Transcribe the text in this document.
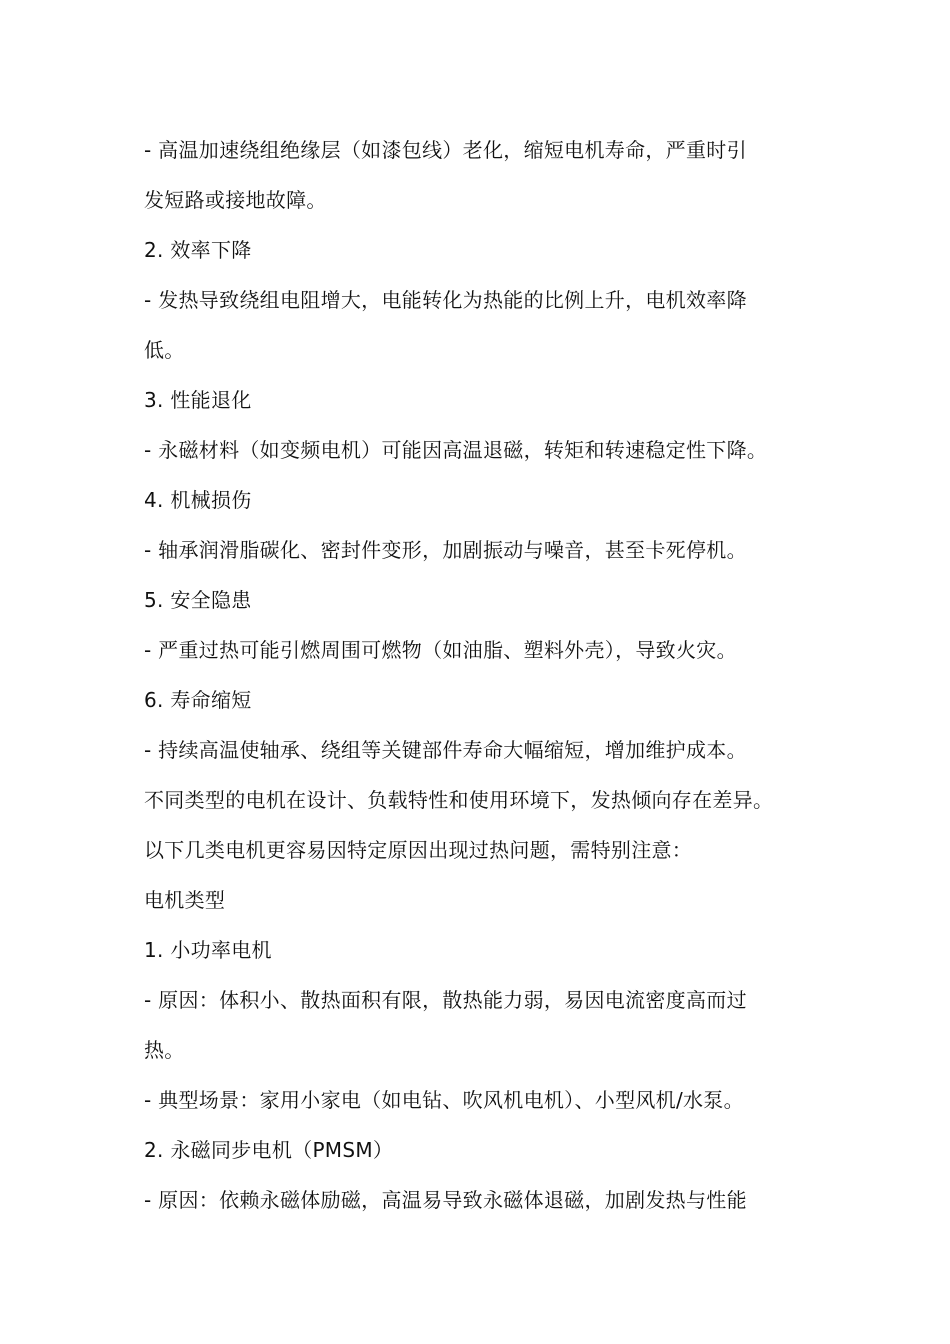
- 高温加速绕组绝缘层（如漆包线）老化，缩短电机寿命，严重时引
发短路或接地故障。
2. 效率下降
- 发热导致绕组电阻增大，电能转化为热能的比例上升，电机效率降
低。
3. 性能退化
- 永磁材料（如变频电机）可能因高温退磁，转矩和转速稳定性下降。
4. 机械损伤
- 轴承润滑脂碳化、密封件变形，加剧振动与噪音，甚至卡死停机。
5. 安全隐患
- 严重过热可能引燃周围可燃物（如油脂、塑料外壳），导致火灾。
6. 寿命缩短
- 持续高温使轴承、绕组等关键部件寿命大幅缩短，增加维护成本。
不同类型的电机在设计、负载特性和使用环境下，发热倾向存在差异。
以下几类电机更容易因特定原因出现过热问题，需特别注意：
电机类型
1. 小功率电机
- 原因：体积小、散热面积有限，散热能力弱，易因电流密度高而过
热。
- 典型场景：家用小家电（如电钻、吹风机电机）、小型风机/水泵。
2. 永磁同步电机（PMSM）
- 原因：依赖永磁体励磁，高温易导致永磁体退磁，加剧发热与性能
